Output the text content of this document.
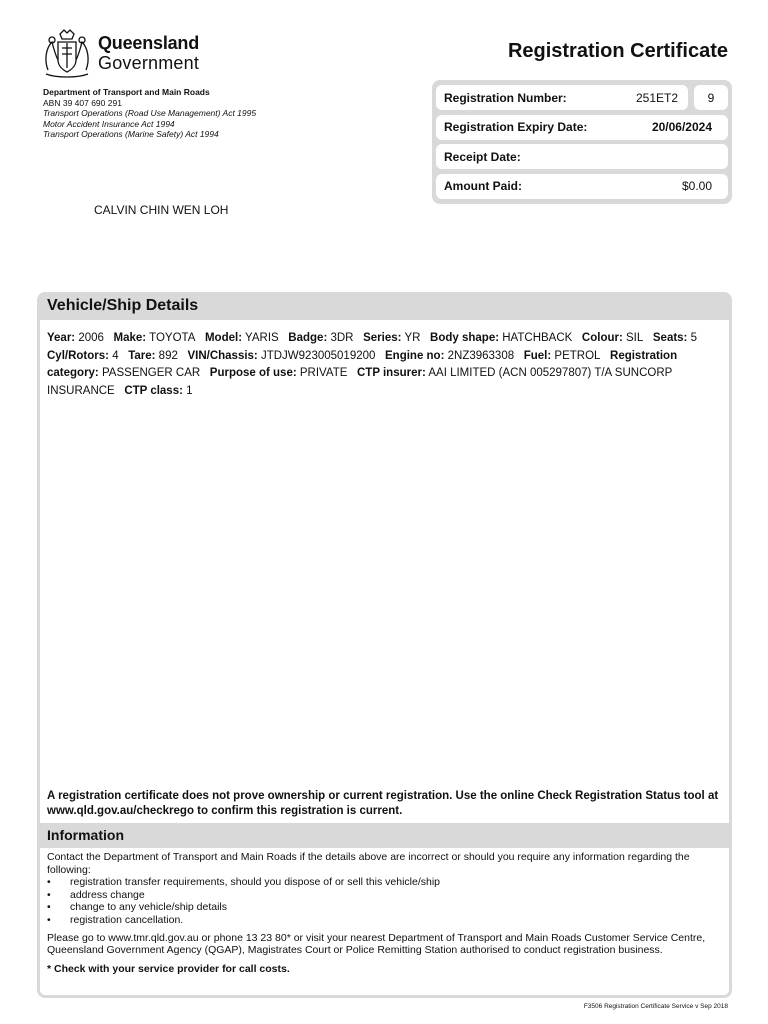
Queensland
Government
Registration Certificate
Department of Transport and Main Roads
ABN 39 407 690 291
Transport Operations (Road Use Management) Act 1995
Motor Accident Insurance Act 1994
Transport Operations (Marine Safety) Act 1994
CALVIN CHIN WEN LOH
Registration Number:	251ET2	9
Registration Expiry Date:	20/06/2024
Receipt Date:
Amount Paid:	$0.00
Vehicle/Ship Details
Year: 2006 Make: TOYOTA Model: YARIS Badge: 3DR Series: YR Body shape: HATCHBACK Colour: SIL Seats: 5 Cyl/Rotors: 4 Tare: 892 VIN/Chassis: JTDJW923005019200 Engine no: 2NZ3963308 Fuel: PETROL Registration category: PASSENGER CAR Purpose of use: PRIVATE CTP insurer: AAI LIMITED (ACN 005297807) T/A SUNCORP INSURANCE CTP class: 1
A registration certificate does not prove ownership or current registration. Use the online Check Registration Status tool at www.qld.gov.au/checkrego to confirm this registration is current.
Information

Contact the Department of Transport and Main Roads if the details above are incorrect or should you require any information regarding the following:

• registration transfer requirements, should you dispose of or sell this vehicle/ship
• address change
• change to any vehicle/ship details
• registration cancellation.

Please go to www.tmr.qld.gov.au or phone 13 23 80* or visit your nearest Department of Transport and Main Roads Customer Service Centre, Queensland Government Agency (QGAP), Magistrates Court or Police Remitting Station authorised to conduct registration business.

* Check with your service provider for call costs.

F3506 Registration Certificate Service v Sep 2018
